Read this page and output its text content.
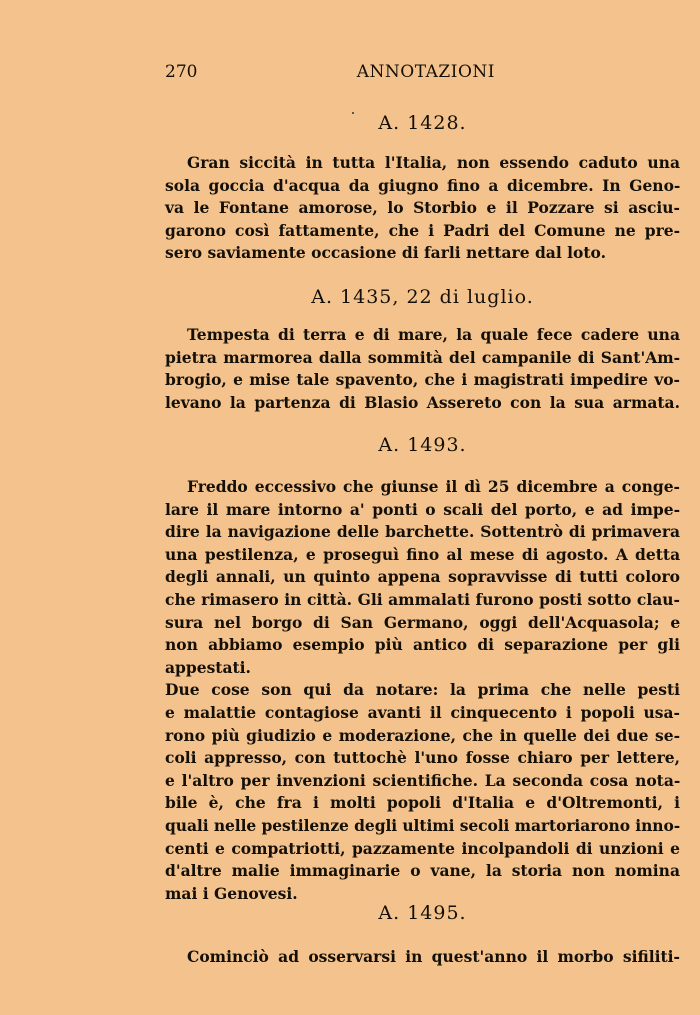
270	ANNOTAZIONI
A. 1428.
Gran siccità in tutta l'Italia, non essendo caduto una
sola goccia d'acqua da giugno fino a dicembre. In Geno-
va le Fontane amorose, lo Storbio e il Pozzare si asciu-
garono così fattamente, che i Padri del Comune ne pre-
sero saviamente occasione di farli nettare dal loto.
A. 1435, 22 di luglio.
Tempesta di terra e di mare, la quale fece cadere una
pietra marmorea dalla sommità del campanile di Sant'Am-
brogio, e mise tale spavento, che i magistrati impedire vo-
levano la partenza di Blasio Assereto con la sua armata.
A. 1493.
Freddo eccessivo che giunse il dì 25 dicembre a conge-
lare il mare intorno a' ponti o scali del porto, e ad impe-
dire la navigazione delle barchette. Sottentrò di primavera
una pestilenza, e proseguì fino al mese di agosto. A detta
degli annali, un quinto appena sopravvisse di tutti coloro
che rimasero in città. Gli ammalati furono posti sotto clau-
sura nel borgo di San Germano, oggi dell'Acquasola; e
non abbiamo esempio più antico di separazione per gli
appestati.
Due cose son qui da notare: la prima che nelle pesti
e malattie contagiose avanti il cinquecento i popoli usa-
rono più giudizio e moderazione, che in quelle dei due se-
coli appresso, con tuttochè l'uno fosse chiaro per lettere,
e l'altro per invenzioni scientifiche. La seconda cosa nota-
bile è, che fra i molti popoli d'Italia e d'Oltremonti, i
quali nelle pestilenze degli ultimi secoli martoriarono inno-
centi e compatriotti, pazzamente incolpandoli di unzioni e
d'altre malie immaginarie o vane, la storia non nomina
mai i Genovesi.
A. 1495.
Cominciò ad osservarsi in quest'anno il morbo sifiliti-
